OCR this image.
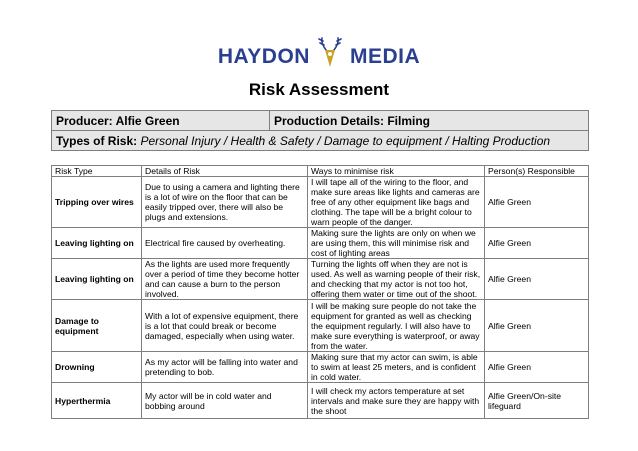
HAYDON MEDIA
Risk Assessment
Producer: Alfie Green	Production Details: Filming
Types of Risk: Personal Injury / Health & Safety / Damage to equipment / Halting Production
Risk Type	Details of Risk	Ways to minimise risk	Person(s) Responsible
Tripping over wires	Due to using a camera and lighting there is a lot of wire on the floor that can be easily tripped over, there will also be plugs and extensions.	I will tape all of the wiring to the floor, and make sure areas like lights and cameras are free of any other equipment like bags and clothing. The tape will be a bright colour to warn people of the danger.	Alfie Green
Leaving lighting on	Electrical fire caused by overheating.	Making sure the lights are only on when we are using them, this will minimise risk and cost of lighting areas	Alfie Green
Leaving lighting on	As the lights are used more frequently over a period of time they become hotter and can cause a burn to the person involved.	Turning the lights off when they are not is used. As well as warning people of their risk, and checking that my actor is not too hot, offering them water or time out of the shoot.	Alfie Green
Damage to equipment	With a lot of expensive equipment, there is a lot that could break or become damaged, especially when using water.	I will be making sure people do not take the equipment for granted as well as checking the equipment regularly. I will also have to make sure everything is waterproof, or away from the water.	Alfie Green
Drowning	As my actor will be falling into water and pretending to bob.	Making sure that my actor can swim, is able to swim at least 25 meters, and is confident in cold water.	Alfie Green
Hyperthermia	My actor will be in cold water and bobbing around	I will check my actors temperature at set intervals and make sure they are happy with the shoot	Alfie Green/On-site lifeguard
